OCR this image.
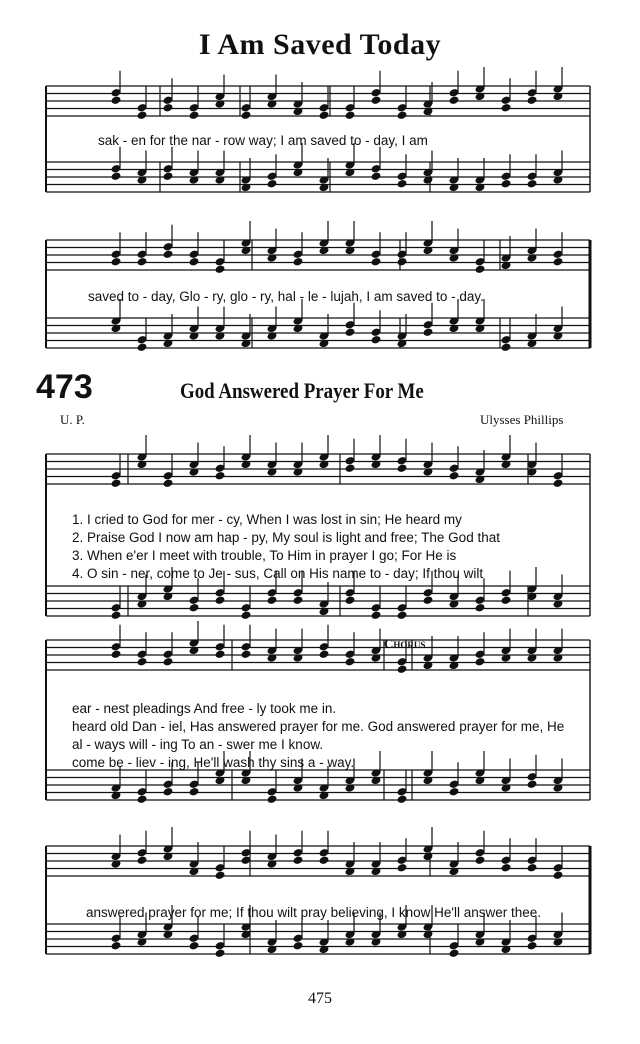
I Am Saved Today
sak - en for the nar - row way; I am saved to - day, I am
saved to - day, Glo - ry, glo - ry, hal - le - lujah, I am saved to - day.
473	God Answered Prayer For Me
U. P.	Ulysses Phillips
1. I cried to God for mer - cy, When I was lost in sin; He heard my
2. Praise God I now am hap - py, My soul is light and free; The God that
3. When e'er I meet with trouble, To Him in prayer I go; For He is
4. O sin - ner, come to Je - sus, Call on His name to - day; If thou wilt
Chorus
ear - nest pleadings And free - ly took me in.
heard old Dan - iel, Has answered prayer for me. God answered prayer for me, He
al - ways will - ing To an - swer me I know.
come be - liev - ing, He'll wash thy sins a - way.
answered prayer for me; If thou wilt pray believing, I know He'll answer thee.
475
